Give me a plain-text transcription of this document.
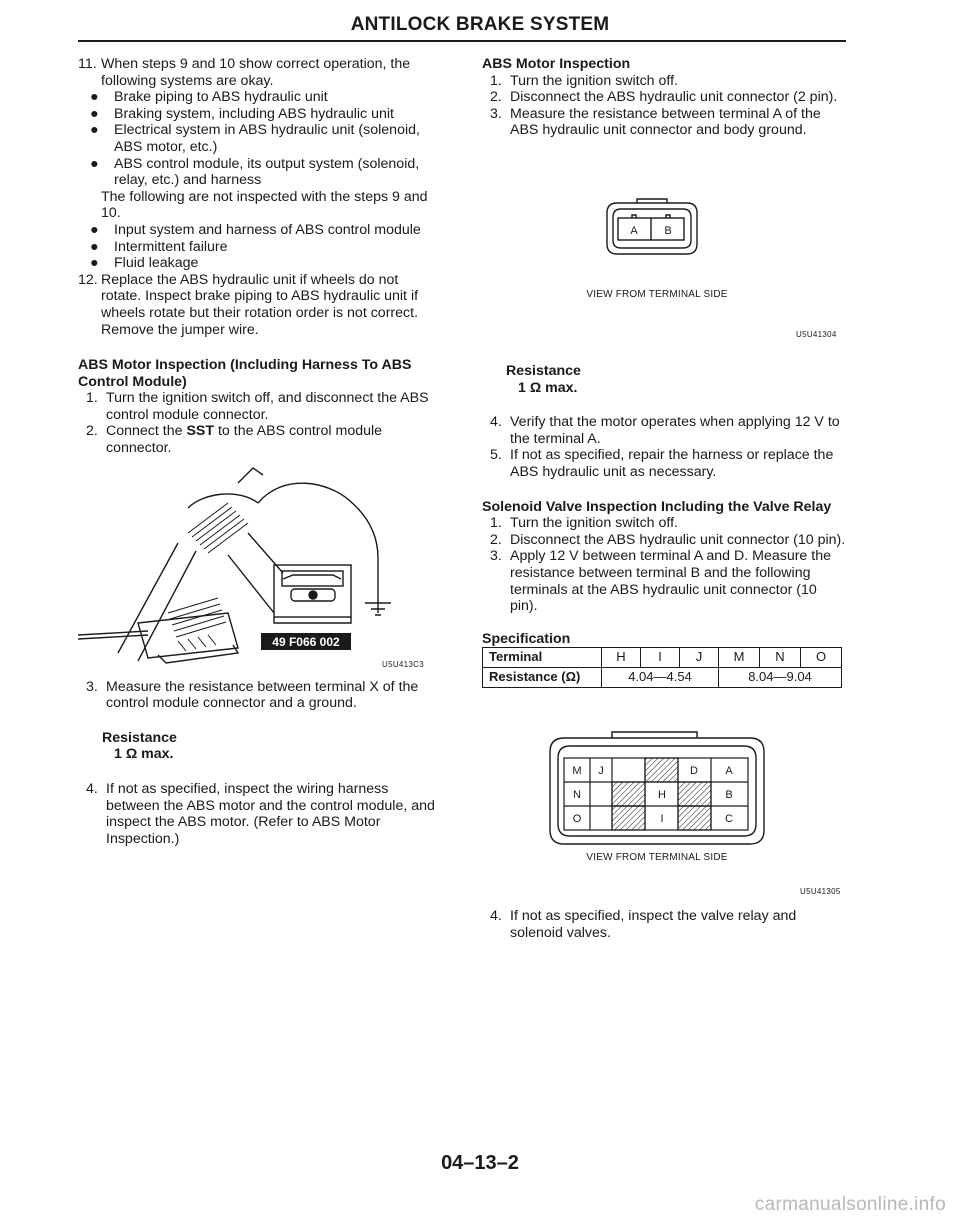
ANTILOCK BRAKE SYSTEM
11. When steps 9 and 10 show correct operation, the following systems are okay.
● Brake piping to ABS hydraulic unit
● Braking system, including ABS hydraulic unit
● Electrical system in ABS hydraulic unit (solenoid, ABS motor, etc.)
● ABS control module, its output system (solenoid, relay, etc.) and harness
The following are not inspected with the steps 9 and 10.
● Input system and harness of ABS control module
● Intermittent failure
● Fluid leakage
12. Replace the ABS hydraulic unit if wheels do not rotate. Inspect brake piping to ABS hydraulic unit if wheels rotate but their rotation order is not correct. Remove the jumper wire.
ABS Motor Inspection (Including Harness To ABS Control Module)
1. Turn the ignition switch off, and disconnect the ABS control module connector.
2. Connect the SST to the ABS control module connector.
49 F066 002
U5U413C3
3. Measure the resistance between terminal X of the control module connector and a ground.
Resistance
1 Ω max.
4. If not as specified, inspect the wiring harness between the ABS motor and the control module, and inspect the ABS motor. (Refer to ABS Motor Inspection.)
ABS Motor Inspection
1. Turn the ignition switch off.
2. Disconnect the ABS hydraulic unit connector (2 pin).
3. Measure the resistance between terminal A of the ABS hydraulic unit connector and body ground.
A B
VIEW FROM TERMINAL SIDE
U5U41304
Resistance
1 Ω max.
4. Verify that the motor operates when applying 12 V to the terminal A.
5. If not as specified, repair the harness or replace the ABS hydraulic unit as necessary.
Solenoid Valve Inspection Including the Valve Relay
1. Turn the ignition switch off.
2. Disconnect the ABS hydraulic unit connector (10 pin).
3. Apply 12 V between terminal A and D. Measure the resistance between terminal B and the following terminals at the ABS hydraulic unit connector (10 pin).
Specification
Terminal	H	I	J	M	N	O
Resistance (Ω)	4.04—4.54			8.04—9.04		
M J	D A
N	H	B
O	I	C
VIEW FROM TERMINAL SIDE
U5U41305
4. If not as specified, inspect the valve relay and solenoid valves.
04–13–2
carmanualsonline.info
